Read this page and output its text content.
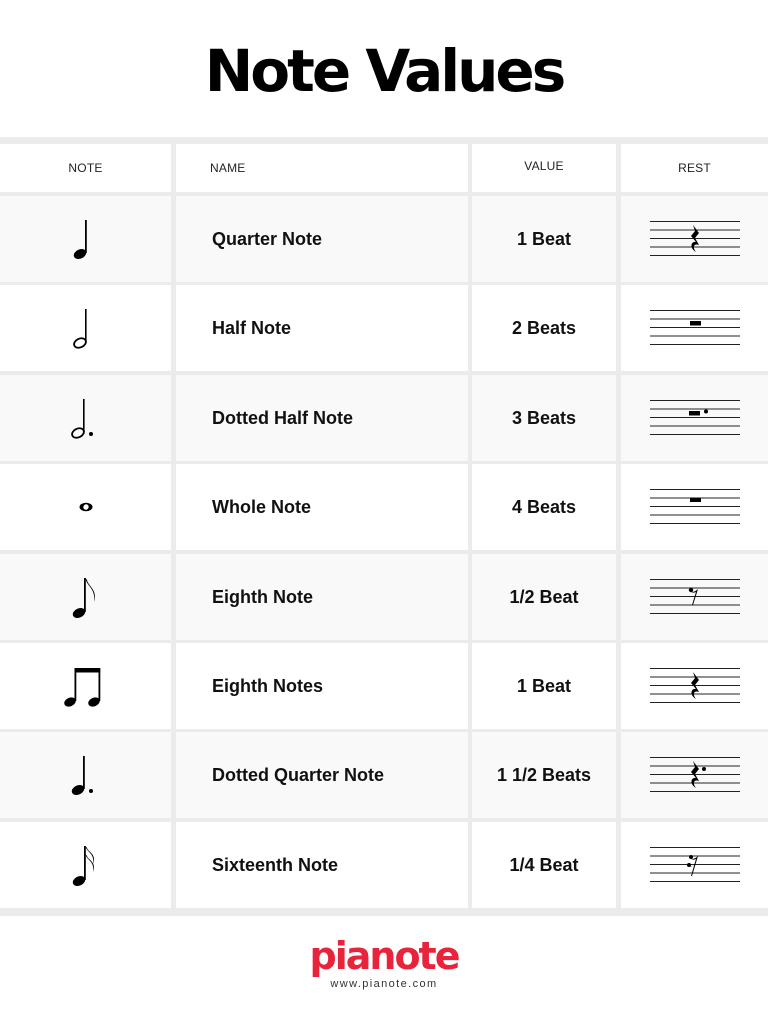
Note Values
NOTE	NAME	VALUE	REST
Quarter Note	1 Beat
Half Note	2 Beats
Dotted Half Note	3 Beats
Whole Note	4 Beats
Eighth Note	1/2 Beat
Eighth Notes	1 Beat
Dotted Quarter Note	1 1/2 Beats
Sixteenth Note	1/4 Beat
pianote
www.pianote.com
